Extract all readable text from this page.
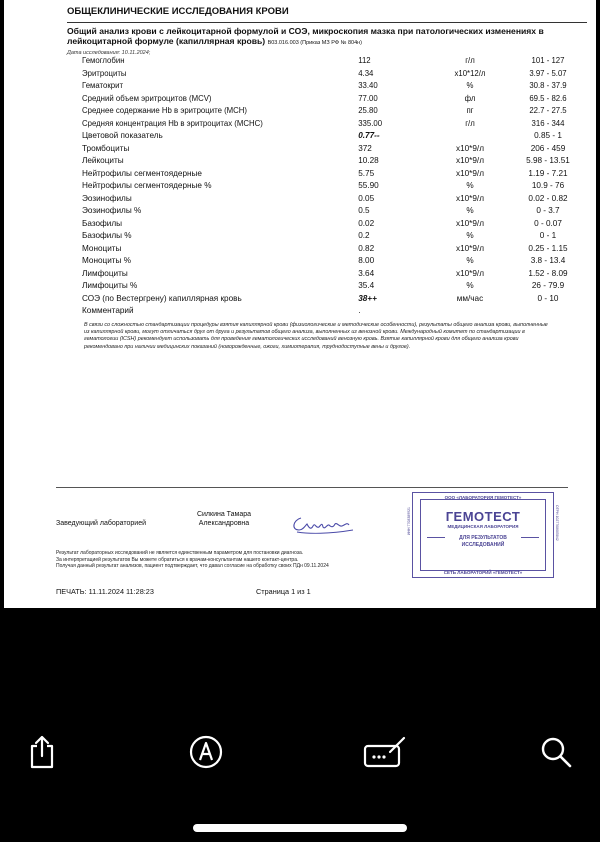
ОБЩЕКЛИНИЧЕСКИЕ ИССЛЕДОВАНИЯ КРОВИ
Общий анализ крови с лейкоцитарной формулой и СОЭ, микроскопия мазка при патологических изменениях в лейкоцитарной формуле (капиллярная кровь) B03.016.003 (Приказ МЗ РФ № 804н)
Дата исследования: 10.11.2024;
Гемоглобин	112	г/л	101 - 127
Эритроциты	4.34	x10*12/л	3.97 - 5.07
Гематокрит	33.40	%	30.8 - 37.9
Средний объем эритроцитов (MCV)	77.00	фл	69.5 - 82.6
Среднее содержание Hb в эритроците (MCH)	25.80	пг	22.7 - 27.5
Средняя концентрация Hb в эритроцитах (MCHC)	335.00	г/л	316 - 344
Цветовой показатель	0.77--		0.85 - 1
Тромбоциты	372	x10*9/л	206 - 459
Лейкоциты	10.28	x10*9/л	5.98 - 13.51
Нейтрофилы сегментоядерные	5.75	x10*9/л	1.19 - 7.21
Нейтрофилы сегментоядерные %	55.90	%	10.9 - 76
Эозинофилы	0.05	x10*9/л	0.02 - 0.82
Эозинофилы %	0.5	%	0 - 3.7
Базофилы	0.02	x10*9/л	0 - 0.07
Базофилы %	0.2	%	0 - 1
Моноциты	0.82	x10*9/л	0.25 - 1.15
Моноциты %	8.00	%	3.8 - 13.4
Лимфоциты	3.64	x10*9/л	1.52 - 8.09
Лимфоциты %	35.4	%	26 - 79.9
СОЭ (по Вестергрену) капиллярная кровь	38++	мм/час	0 - 10
Комментарий	.		
В связи со сложностью стандартизации процедуры взятия капиллярной крови (физиологические и методические особенности), результаты общего анализа крови, выполненные из капиллярной крови, могут отличаться друг от друга и результатов общего анализа, выполненных из венозной крови. Международный комитет по стандартизации в гематологии (ICSH) рекомендует использовать для проведения гематологических исследований венозную кровь. Взятие капиллярной крови для общего анализа крови рекомендовано при наличии медицинских показаний (новорожденные, ожоги, химиотерапия, труднодоступные вены и другое).
Заведующий лабораторией
Силкина Тамара
Александровна
Результат лабораторных исследований не является единственным параметром для постановки диагноза.
За интерпретацией результатов Вы можете обратиться к врачам-консультантам нашего контакт-центра.
Получая данный результат анализов, пациент подтверждает, что давал согласие на обработку своих ПДн 09.11.2024
ООО «ЛАБОРАТОРИЯ ГЕМОТЕСТ»
ГЕМОТЕСТ
МЕДИЦИНСКАЯ ЛАБОРАТОРИЯ
ДЛЯ РЕЗУЛЬТАТОВ
ИССЛЕДОВАНИЙ
СЕТЬ ЛАБОРАТОРИЙ «ГЕМОТЕСТ»
ИНН 7708389921	ОГРН 1027708005842
ПЕЧАТЬ: 11.11.2024 11:28:23	Страница 1 из 1
